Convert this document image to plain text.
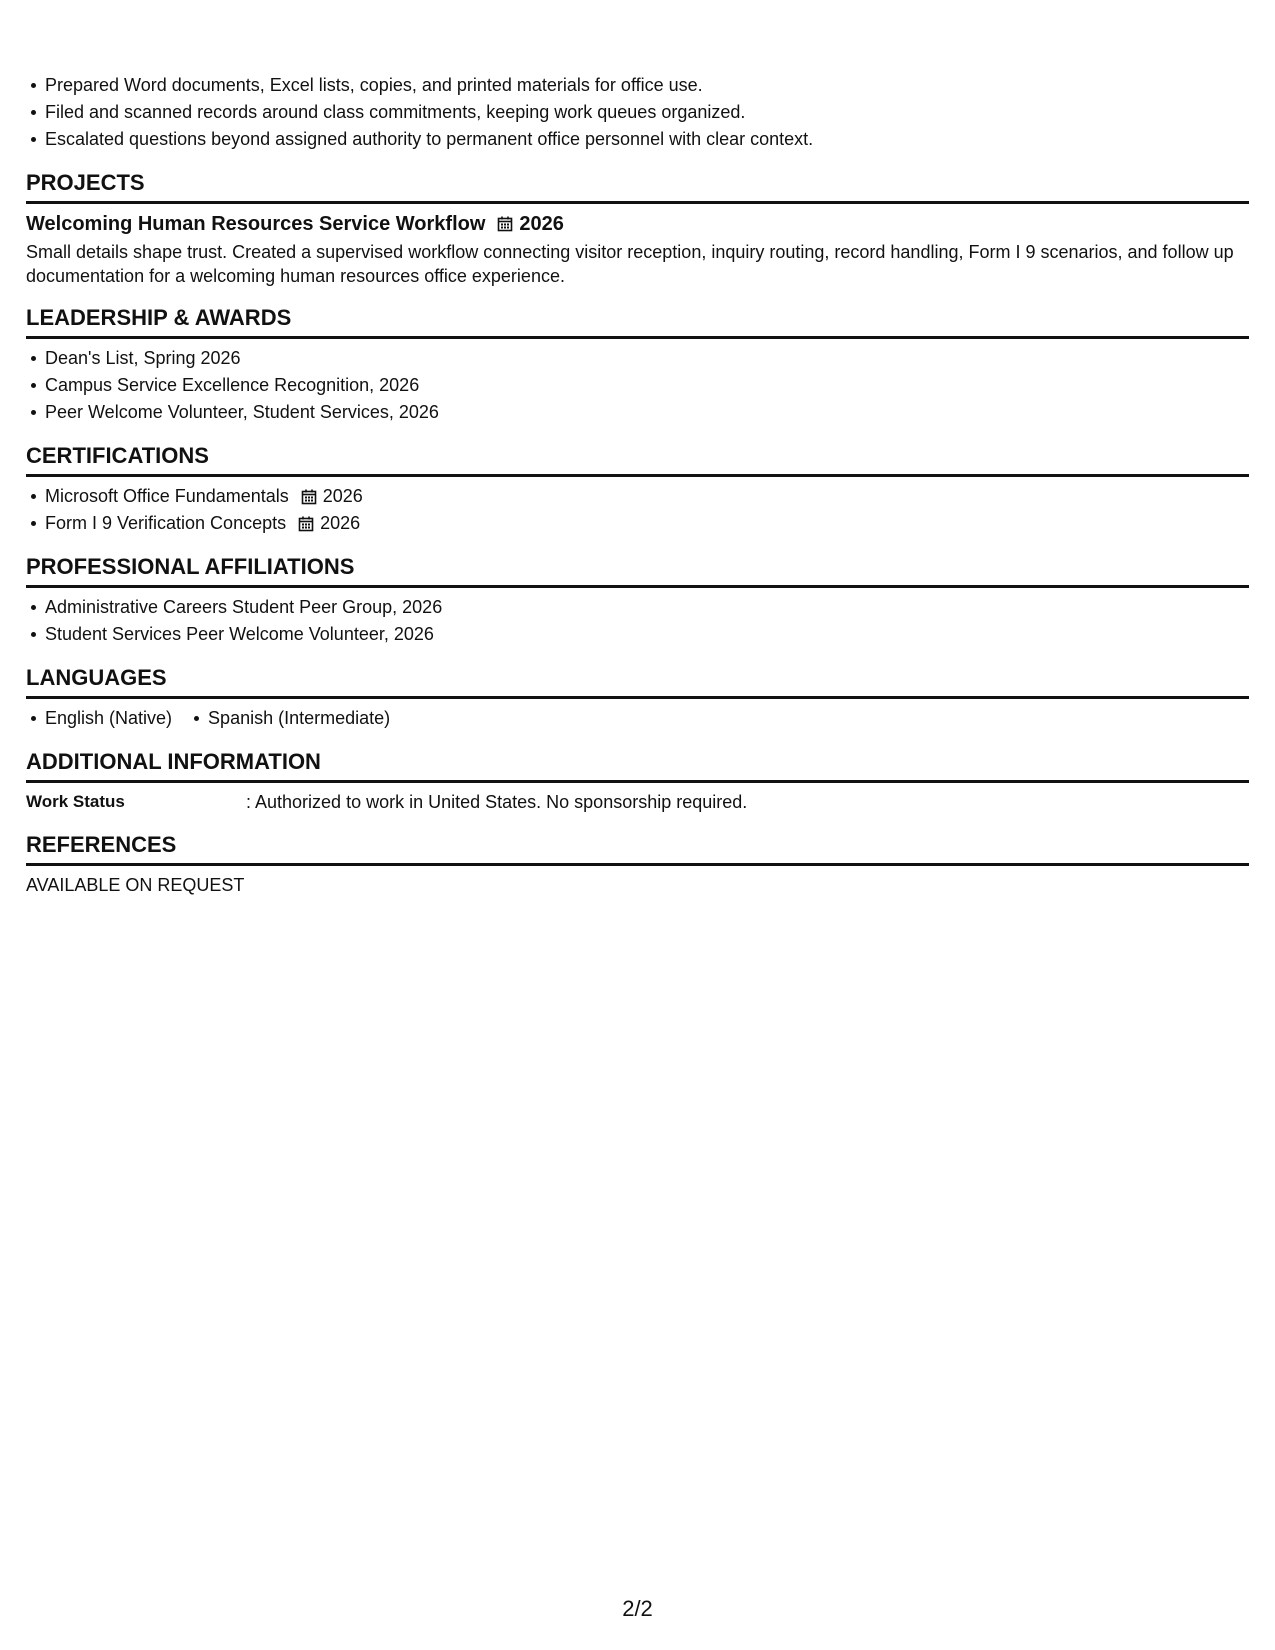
Prepared Word documents, Excel lists, copies, and printed materials for office use.
Filed and scanned records around class commitments, keeping work queues organized.
Escalated questions beyond assigned authority to permanent office personnel with clear context.
PROJECTS
Welcoming Human Resources Service Workflow 2026
Small details shape trust. Created a supervised workflow connecting visitor reception, inquiry routing, record handling, Form I 9 scenarios, and follow up documentation for a welcoming human resources office experience.
LEADERSHIP & AWARDS
Dean's List, Spring 2026
Campus Service Excellence Recognition, 2026
Peer Welcome Volunteer, Student Services, 2026
CERTIFICATIONS
Microsoft Office Fundamentals 2026
Form I 9 Verification Concepts 2026
PROFESSIONAL AFFILIATIONS
Administrative Careers Student Peer Group, 2026
Student Services Peer Welcome Volunteer, 2026
LANGUAGES
English (Native) Spanish (Intermediate)
ADDITIONAL INFORMATION
Work Status	: Authorized to work in United States. No sponsorship required.
REFERENCES
AVAILABLE ON REQUEST
2/2
